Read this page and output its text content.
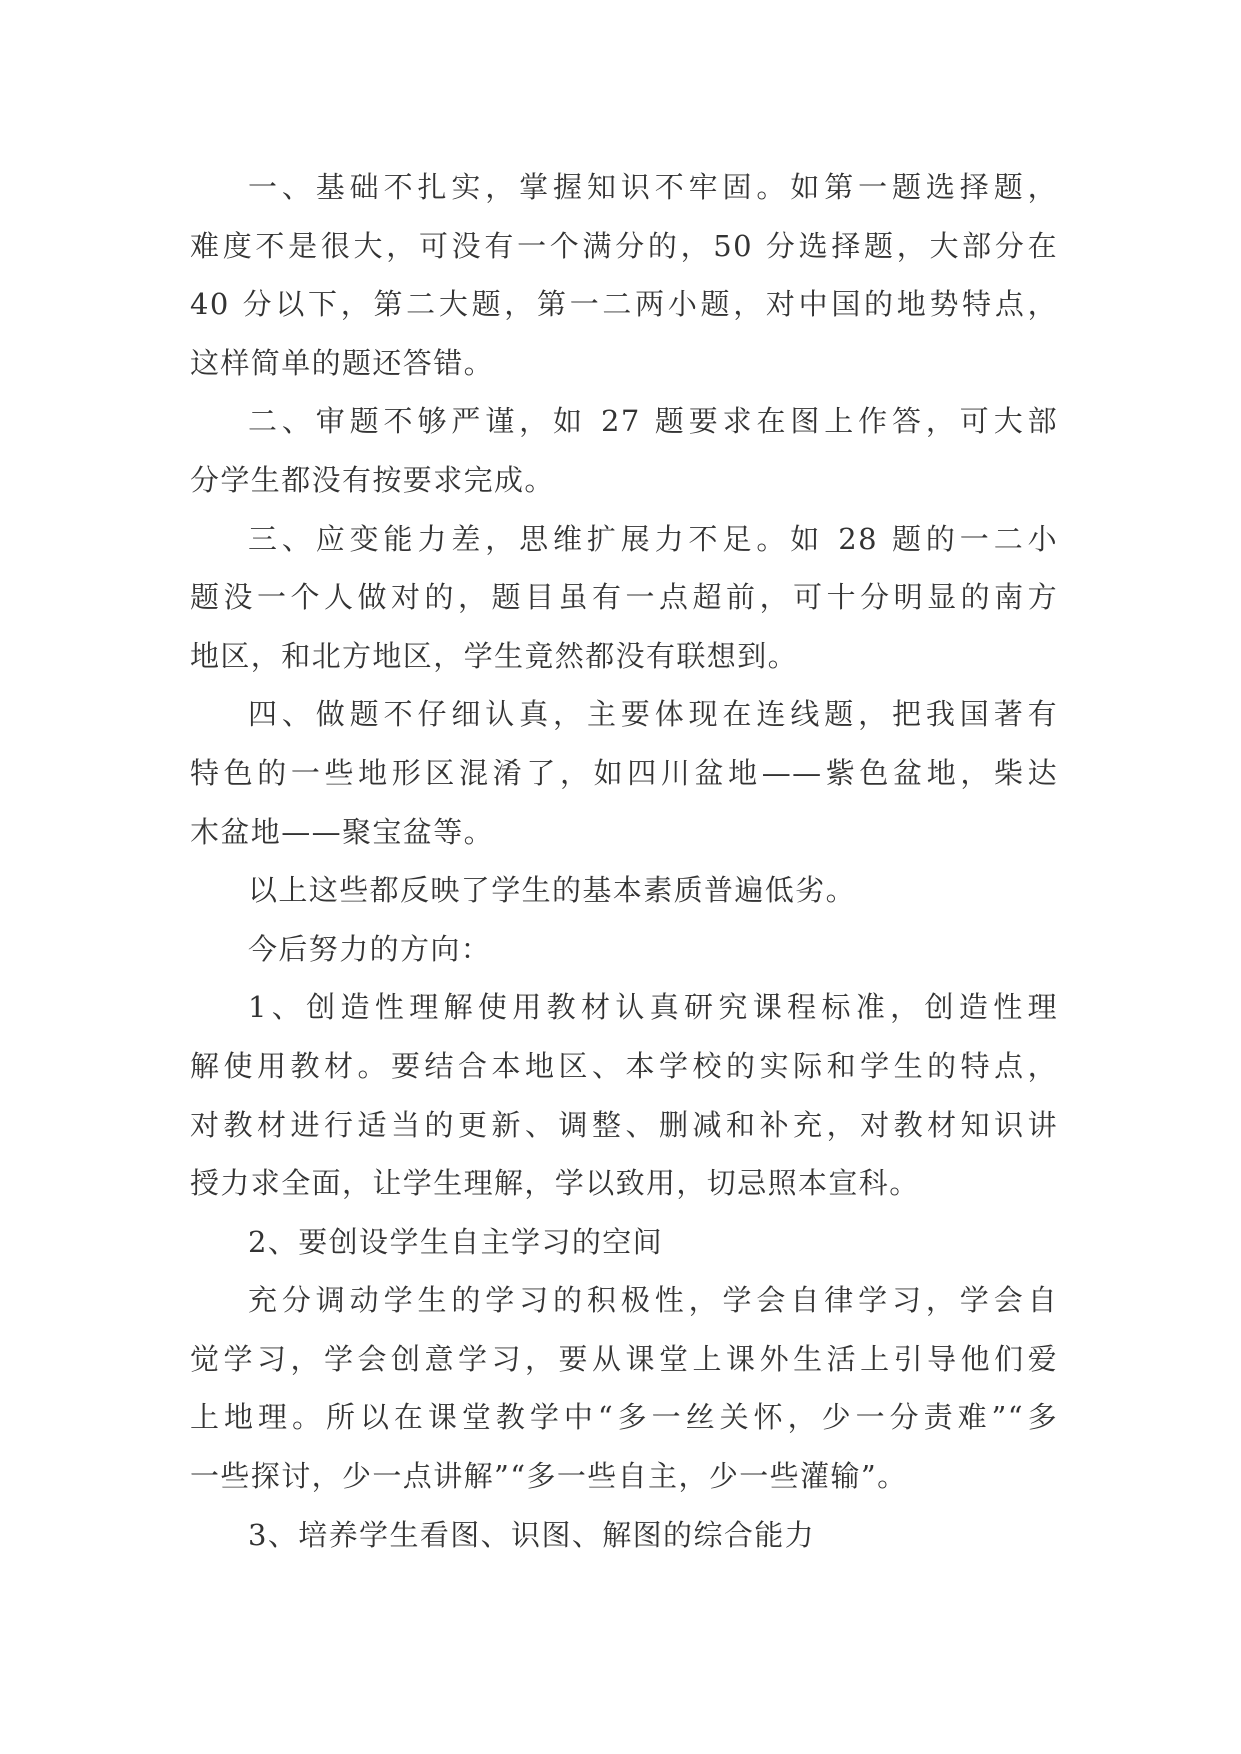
一、基础不扎实，掌握知识不牢固。如第一题选择题，
难度不是很大，可没有一个满分的，50 分选择题，大部分在
40 分以下，第二大题，第一二两小题，对中国的地势特点，
这样简单的题还答错。

二、审题不够严谨，如 27 题要求在图上作答，可大部
分学生都没有按要求完成。

三、应变能力差，思维扩展力不足。如 28 题的一二小
题没一个人做对的，题目虽有一点超前，可十分明显的南方
地区，和北方地区，学生竟然都没有联想到。

四、做题不仔细认真，主要体现在连线题，把我国著有
特色的一些地形区混淆了，如四川盆地——紫色盆地，柴达
木盆地——聚宝盆等。

以上这些都反映了学生的基本素质普遍低劣。

今后努力的方向：

1、创造性理解使用教材认真研究课程标准，创造性理
解使用教材。要结合本地区、本学校的实际和学生的特点，
对教材进行适当的更新、调整、删减和补充，对教材知识讲
授力求全面，让学生理解，学以致用，切忌照本宣科。

2、要创设学生自主学习的空间

充分调动学生的学习的积极性，学会自律学习，学会自
觉学习，学会创意学习，要从课堂上课外生活上引导他们爱
上地理。所以在课堂教学中“多一丝关怀，少一分责难”“多
一些探讨，少一点讲解”“多一些自主，少一些灌输”。

3、培养学生看图、识图、解图的综合能力
